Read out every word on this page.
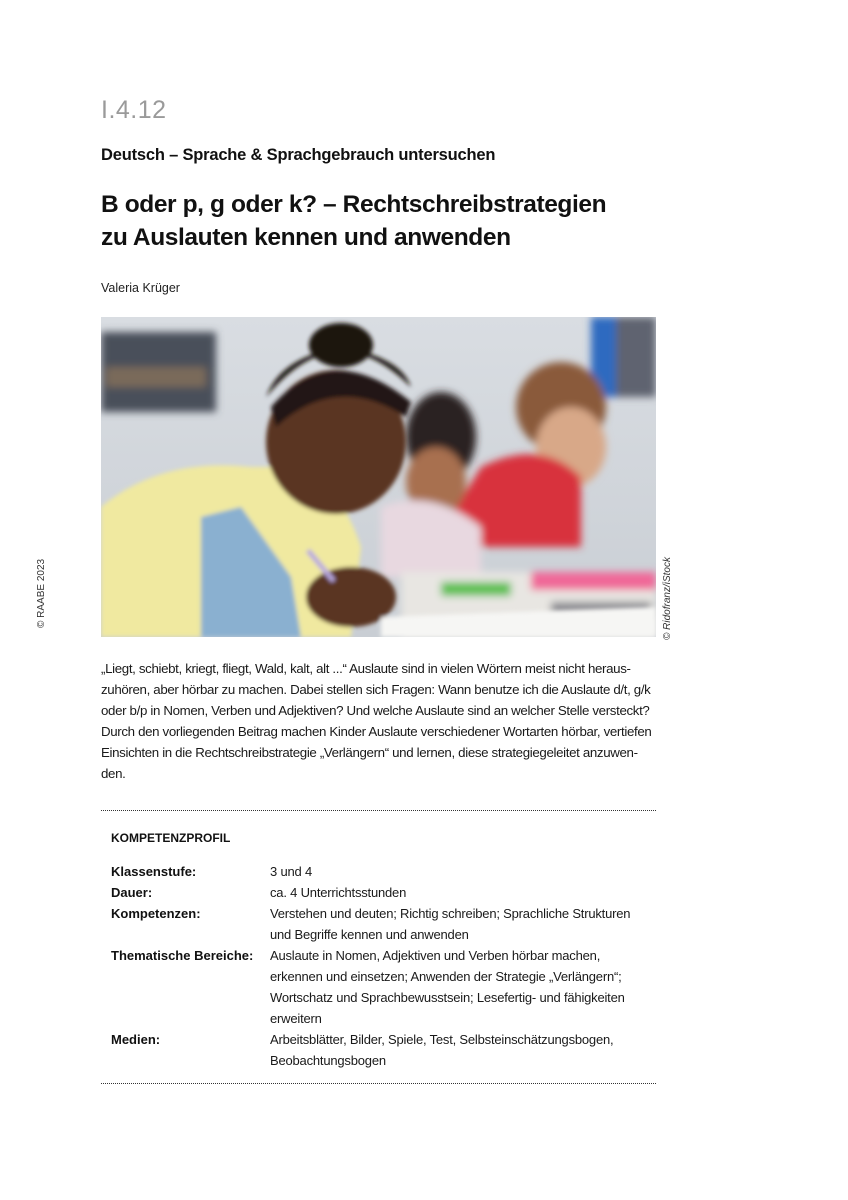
I.4.12
Deutsch – Sprache & Sprachgebrauch untersuchen
B oder p, g oder k? – Rechtschreibstrategien
zu Auslauten kennen und anwenden
Valeria Krüger
© Ridofranz/iStock
© RAABE 2023
„Liegt, schiebt, kriegt, fliegt, Wald, kalt, alt ...“ Auslaute sind in vielen Wörtern meist nicht heraus-
zuhören, aber hörbar zu machen. Dabei stellen sich Fragen: Wann benutze ich die Auslaute d/t, g/k
oder b/p in Nomen, Verben und Adjektiven? Und welche Auslaute sind an welcher Stelle versteckt?
Durch den vorliegenden Beitrag machen Kinder Auslaute verschiedener Wortarten hörbar, vertiefen
Einsichten in die Rechtschreibstrategie „Verlängern“ und lernen, diese strategiegeleitet anzuwen-
den.
KOMPETENZPROFIL
Klassenstufe:	3 und 4
Dauer:	ca. 4 Unterrichtsstunden
Kompetenzen:	Verstehen und deuten; Richtig schreiben; Sprachliche Strukturen
und Begriffe kennen und anwenden
Thematische Bereiche:	Auslaute in Nomen, Adjektiven und Verben hörbar machen,
erkennen und einsetzen; Anwenden der Strategie „Verlängern“;
Wortschatz und Sprachbewusstsein; Lesefertig- und fähigkeiten
erweitern
Medien:	Arbeitsblätter, Bilder, Spiele, Test, Selbsteinschätzungsbogen,
Beobachtungsbogen
